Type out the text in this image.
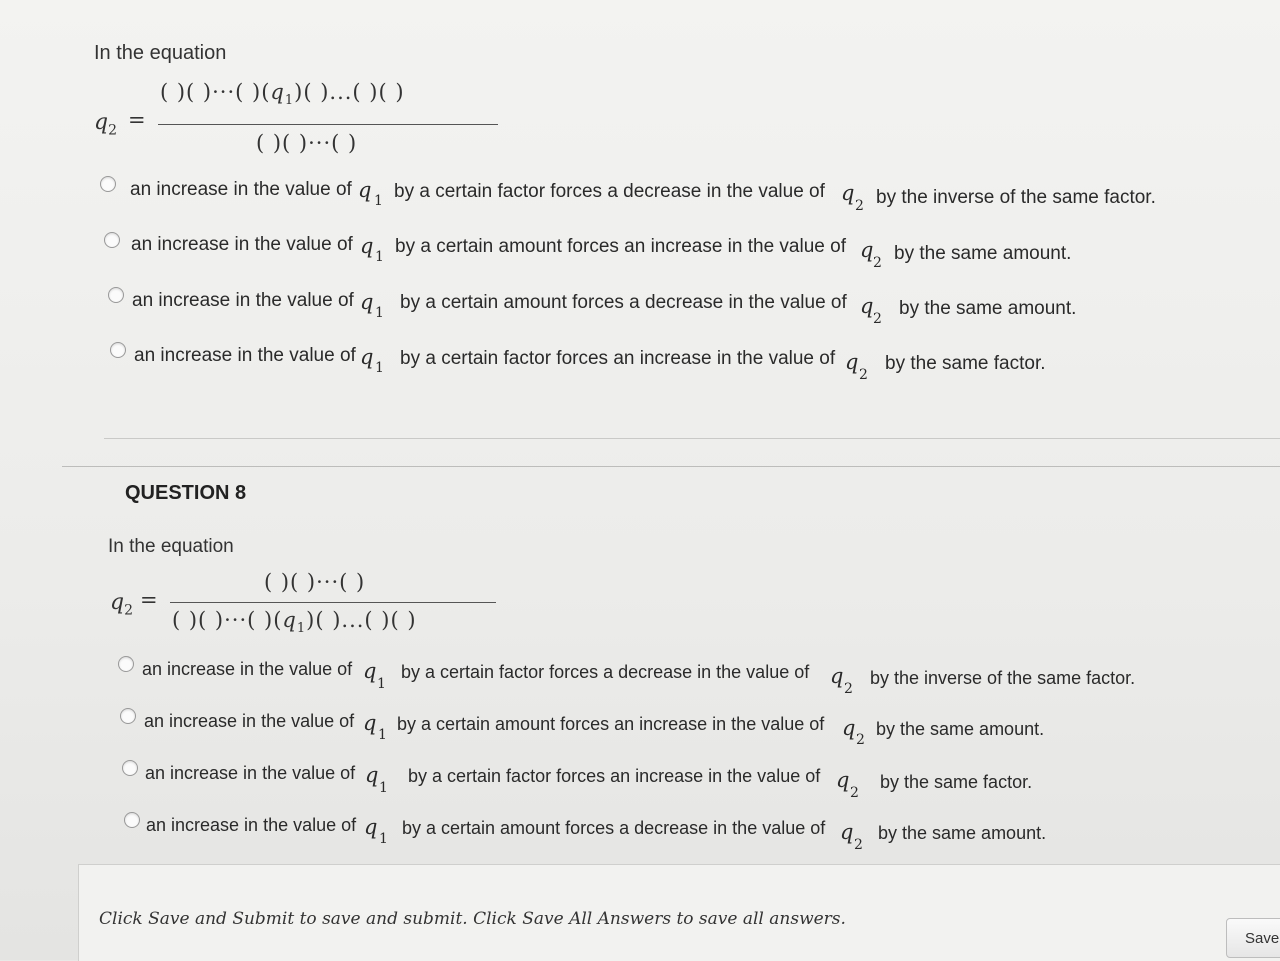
In the equation
$q_2$ =
( )( )···( )$(q_1)$( )...( )( )
( )( )···( )
an increase in the value of q 1 by a certain factor forces a decrease in the value of q
2 by the inverse of the same factor.
an increase in the value of q 1 by a certain amount forces an increase in the value of q
2 by the same amount.
an increase in the value of q 1 by a certain amount forces a decrease in the value of q
2 by the same amount.
an increase in the value of q 1 by a certain factor forces an increase in the value of q
2
by the same factor.
QUESTION 8
In the equation
$q_2$ =
( )( )···( )
( )( )···( )$(q_1)$( )...( )( )
an increase in the value of q
1
by a certain factor forces a decrease in the value of q
2
by the inverse of the same factor.
an increase in the value of q 1
by a certain amount forces an increase in the value of q 2
by the same amount.
an increase in the value of q
1
by a certain factor forces an increase in the value of q
2
by the same factor.
an increase in the value of q 1
by a certain amount forces a decrease in the value of q
2
by the same amount.
Click Save and Submit to save and submit. Click Save All Answers to save all answers.
Save
